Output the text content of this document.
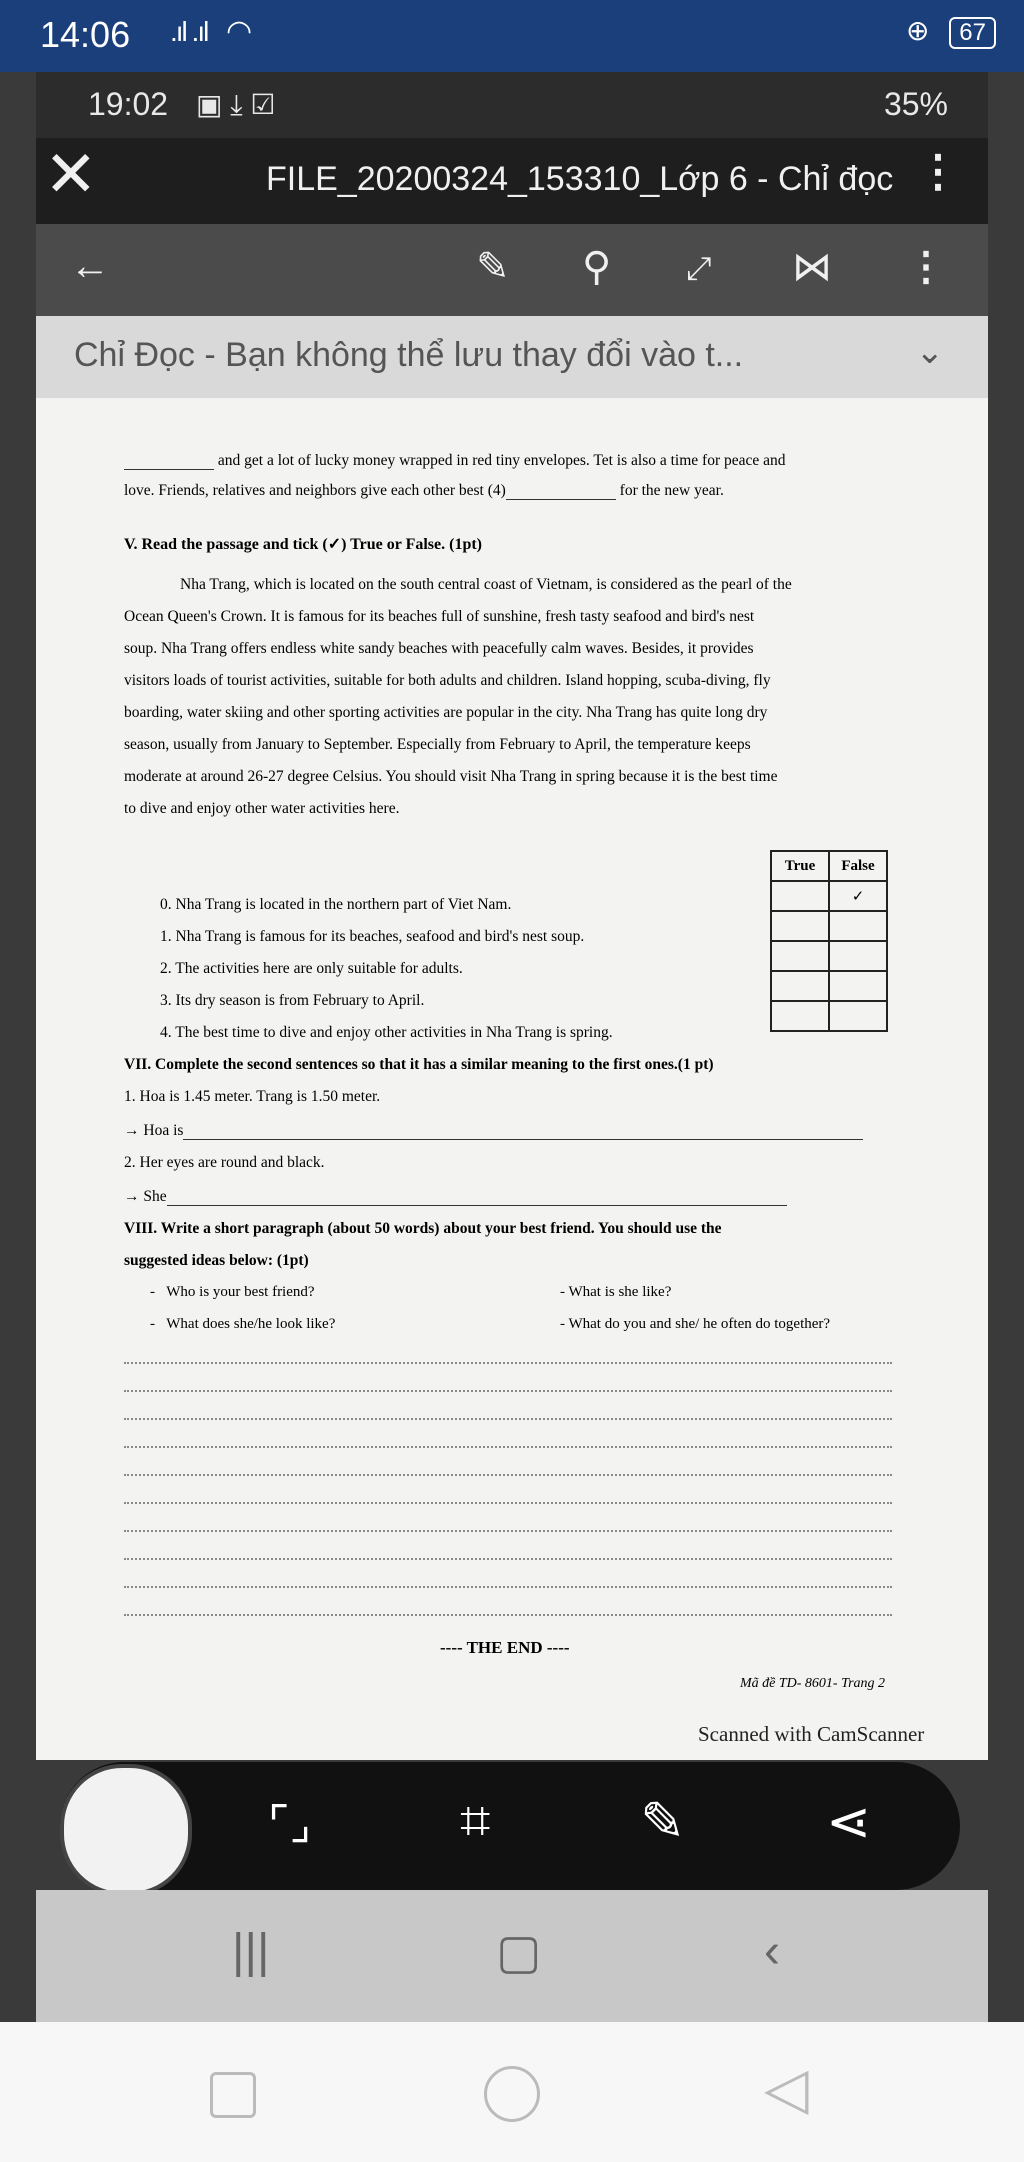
14:06 .ıl .ıl ◠	⊕ 67
19:02 ▣ ⤓ ☑	35%
✕	FILE_20200324_153310_Lớp 6 - Chỉ đọc ⋮
←	✎ ⚲ ⤢ ⋈ ⋮
Chỉ Đọc - Bạn không thể lưu thay đổi vào t...	⌄
and get a lot of lucky money wrapped in red tiny envelopes. Tet is also a time for peace and
love. Friends, relatives and neighbors give each other best (4)	for the new year.
V. Read the passage and tick (✓) True or False. (1pt)
Nha Trang, which is located on the south central coast of Vietnam, is considered as the pearl of the
Ocean Queen's Crown. It is famous for its beaches full of sunshine, fresh tasty seafood and bird's nest
soup. Nha Trang offers endless white sandy beaches with peacefully calm waves. Besides, it provides
visitors loads of tourist activities, suitable for both adults and children. Island hopping, scuba-diving, fly
boarding, water skiing and other sporting activities are popular in the city. Nha Trang has quite long dry
season, usually from January to September. Especially from February to April, the temperature keeps
moderate at around 26-27 degree Celsius. You should visit Nha Trang in spring because it is the best time
to dive and enjoy other water activities here.
0. Nha Trang is located in the northern part of Viet Nam.
1. Nha Trang is famous for its beaches, seafood and bird's nest soup.
2. The activities here are only suitable for adults.
3. Its dry season is from February to April.
4. The best time to dive and enjoy other activities in Nha Trang is spring.
VII. Complete the second sentences so that it has a similar meaning to the first ones.(1 pt)
1. Hoa is 1.45 meter. Trang is 1.50 meter.
→ Hoa is
2. Her eyes are round and black.
→ She
VIII. Write a short paragraph (about 50 words) about your best friend. You should use the
suggested ideas below: (1pt)
-   Who is your best friend?	- What is she like?
-   What does she/he look like?	- What do you and she/ he often do together?
True	False
	✓

---- THE END ----
Mã đề TD- 8601- Trang 2
Scanned with CamScanner
⌜⌟	⌗	✎	⋖
|||	▢	‹
◁
